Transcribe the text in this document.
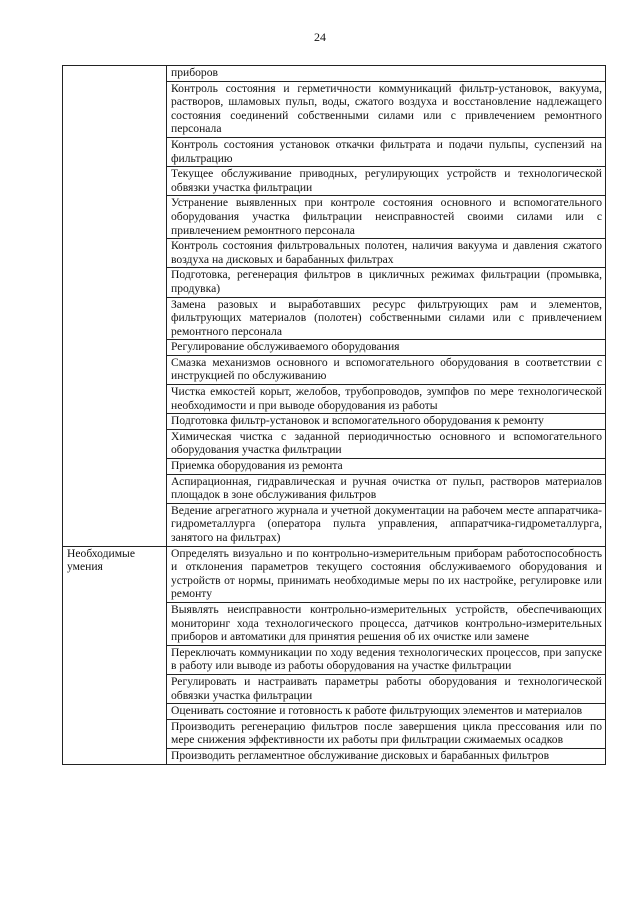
24
	приборов
	Контроль состояния и герметичности коммуникаций фильтр-установок, вакуума, растворов, шламовых пульп, воды, сжатого воздуха и восстановление надлежащего состояния соединений собственными силами или с привлечением ремонтного персонала
	Контроль состояния установок откачки фильтрата и подачи пульпы, суспензий на фильтрацию
	Текущее обслуживание приводных, регулирующих устройств и технологической обвязки участка фильтрации
	Устранение выявленных при контроле состояния основного и вспомогательного оборудования участка фильтрации неисправностей своими силами или с привлечением ремонтного персонала
	Контроль состояния фильтровальных полотен, наличия вакуума и давления сжатого воздуха на дисковых и барабанных фильтрах
	Подготовка, регенерация фильтров в цикличных режимах фильтрации (промывка, продувка)
	Замена разовых и выработавших ресурс фильтрующих рам и элементов, фильтрующих материалов (полотен) собственными силами или с привлечением ремонтного персонала
	Регулирование обслуживаемого оборудования
	Смазка механизмов основного и вспомогательного оборудования в соответствии с инструкцией по обслуживанию
	Чистка емкостей корыт, желобов, трубопроводов, зумпфов по мере технологической необходимости и при выводе оборудования из работы
	Подготовка фильтр-установок и вспомогательного оборудования к ремонту
	Химическая чистка с заданной периодичностью основного и вспомогательного оборудования участка фильтрации
	Приемка оборудования из ремонта
	Аспирационная, гидравлическая и ручная очистка от пульп, растворов материалов площадок в зоне обслуживания фильтров
	Ведение агрегатного журнала и учетной документации на рабочем месте аппаратчика-гидрометаллурга (оператора пульта управления, аппаратчика-гидрометаллурга, занятого на фильтрах)
Необходимые умения	Определять визуально и по контрольно-измерительным приборам работоспособность и отклонения параметров текущего состояния обслуживаемого оборудования и устройств от нормы, принимать необходимые меры по их настройке, регулировке или ремонту
	Выявлять неисправности контрольно-измерительных устройств, обеспечивающих мониторинг хода технологического процесса, датчиков контрольно-измерительных приборов и автоматики для принятия решения об их очистке или замене
	Переключать коммуникации по ходу ведения технологических процессов, при запуске в работу или выводе из работы оборудования на участке фильтрации
	Регулировать и настраивать параметры работы оборудования и технологической обвязки участка фильтрации
	Оценивать состояние и готовность к работе фильтрующих элементов и материалов
	Производить регенерацию фильтров после завершения цикла прессования или по мере снижения эффективности их работы при фильтрации сжимаемых осадков
	Производить регламентное обслуживание дисковых и барабанных фильтров
